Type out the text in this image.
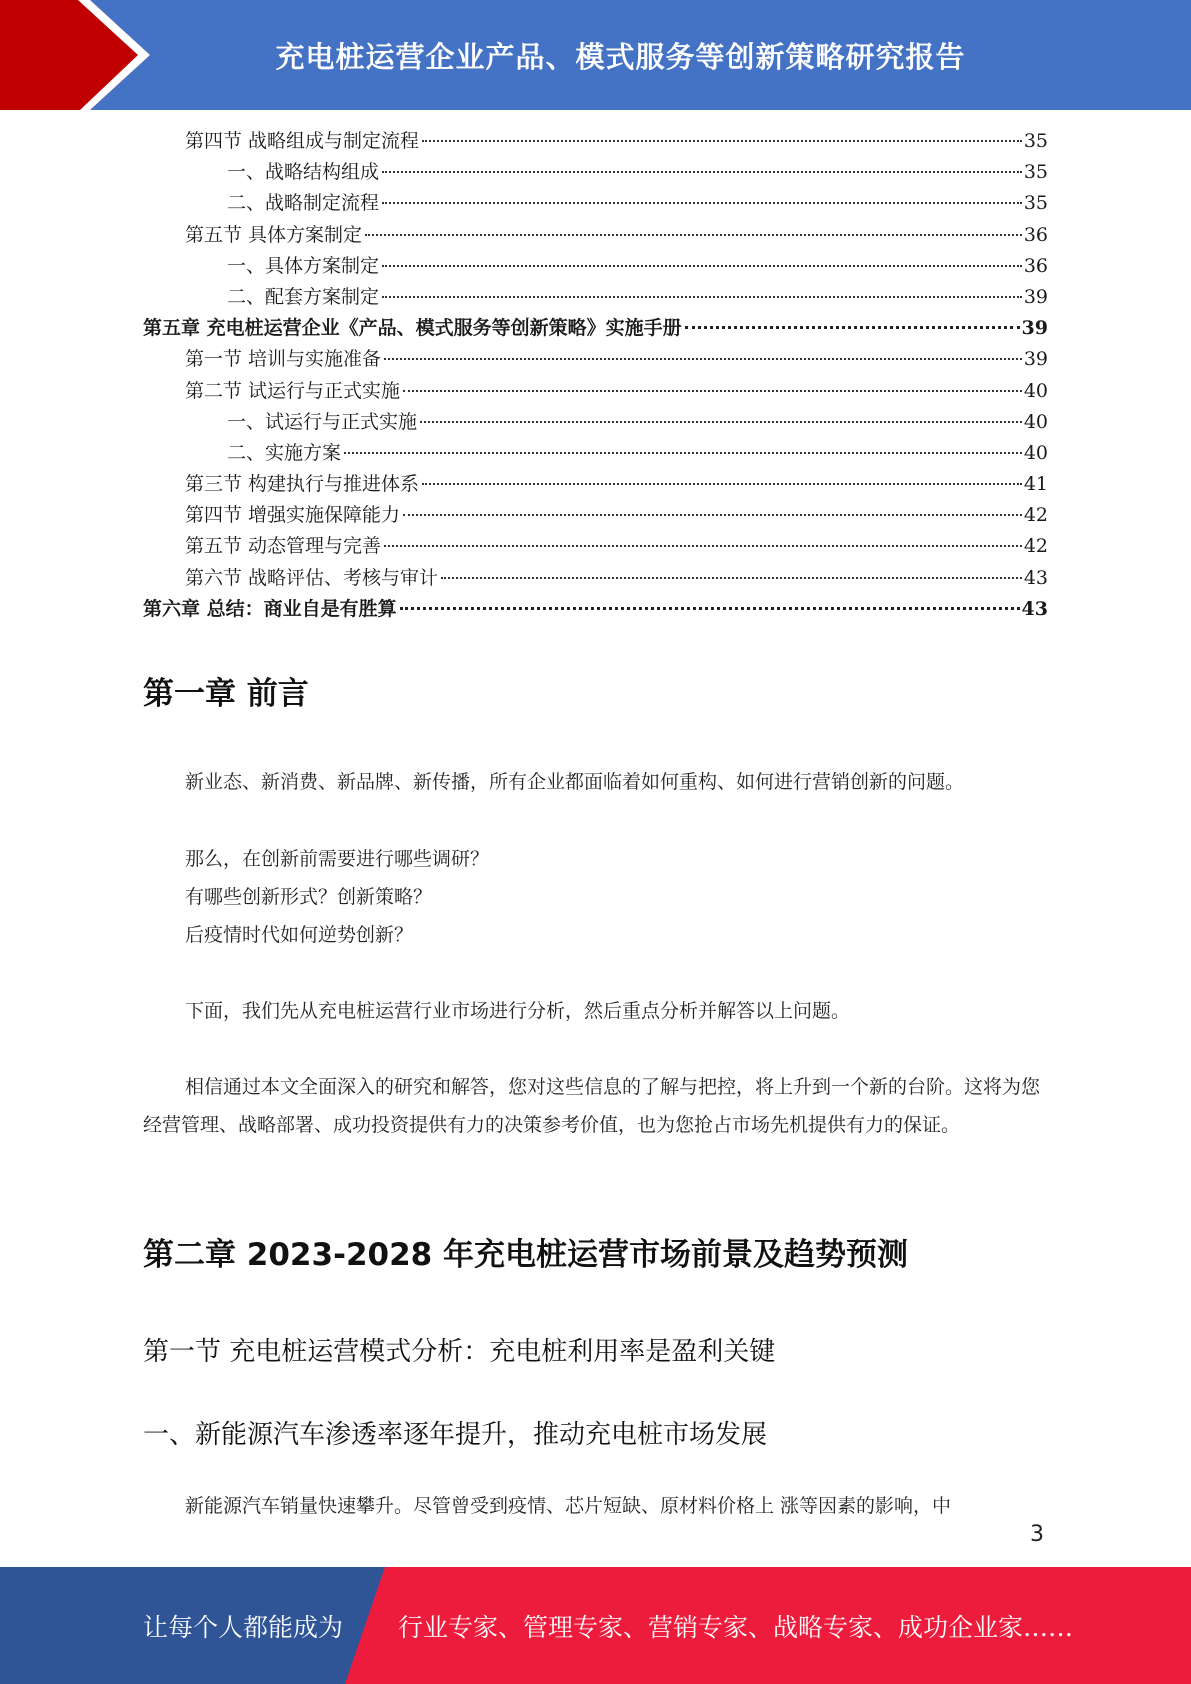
充电桩运营企业产品、模式服务等创新策略研究报告
第四节 战略组成与制定流程	35
一、战略结构组成	35
二、战略制定流程	35
第五节 具体方案制定	36
一、具体方案制定	36
二、配套方案制定	39
第五章 充电桩运营企业《产品、模式服务等创新策略》实施手册	39
第一节 培训与实施准备	39
第二节 试运行与正式实施	40
一、试运行与正式实施	40
二、实施方案	40
第三节 构建执行与推进体系	41
第四节 增强实施保障能力	42
第五节 动态管理与完善	42
第六节 战略评估、考核与审计	43
第六章 总结：商业自是有胜算	43
第一章 前言

新业态、新消费、新品牌、新传播，所有企业都面临着如何重构、如何进行营销创新的问题。

那么，在创新前需要进行哪些调研？

有哪些创新形式？创新策略？

后疫情时代如何逆势创新？

下面，我们先从充电桩运营行业市场进行分析，然后重点分析并解答以上问题。

相信通过本文全面深入的研究和解答，您对这些信息的了解与把控，将上升到一个新的台阶。这将为您经营管理、战略部署、成功投资提供有力的决策参考价值，也为您抢占市场先机提供有力的保证。

第二章 2023-2028 年充电桩运营市场前景及趋势预测
第一节 充电桩运营模式分析：充电桩利用率是盈利关键
一、新能源汽车渗透率逐年提升，推动充电桩市场发展

新能源汽车销量快速攀升。尽管曾受到疫情、芯片短缺、原材料价格上 涨等因素的影响，中

3
让每个人都能成为 行业专家、管理专家、营销专家、战略专家、成功企业家……
